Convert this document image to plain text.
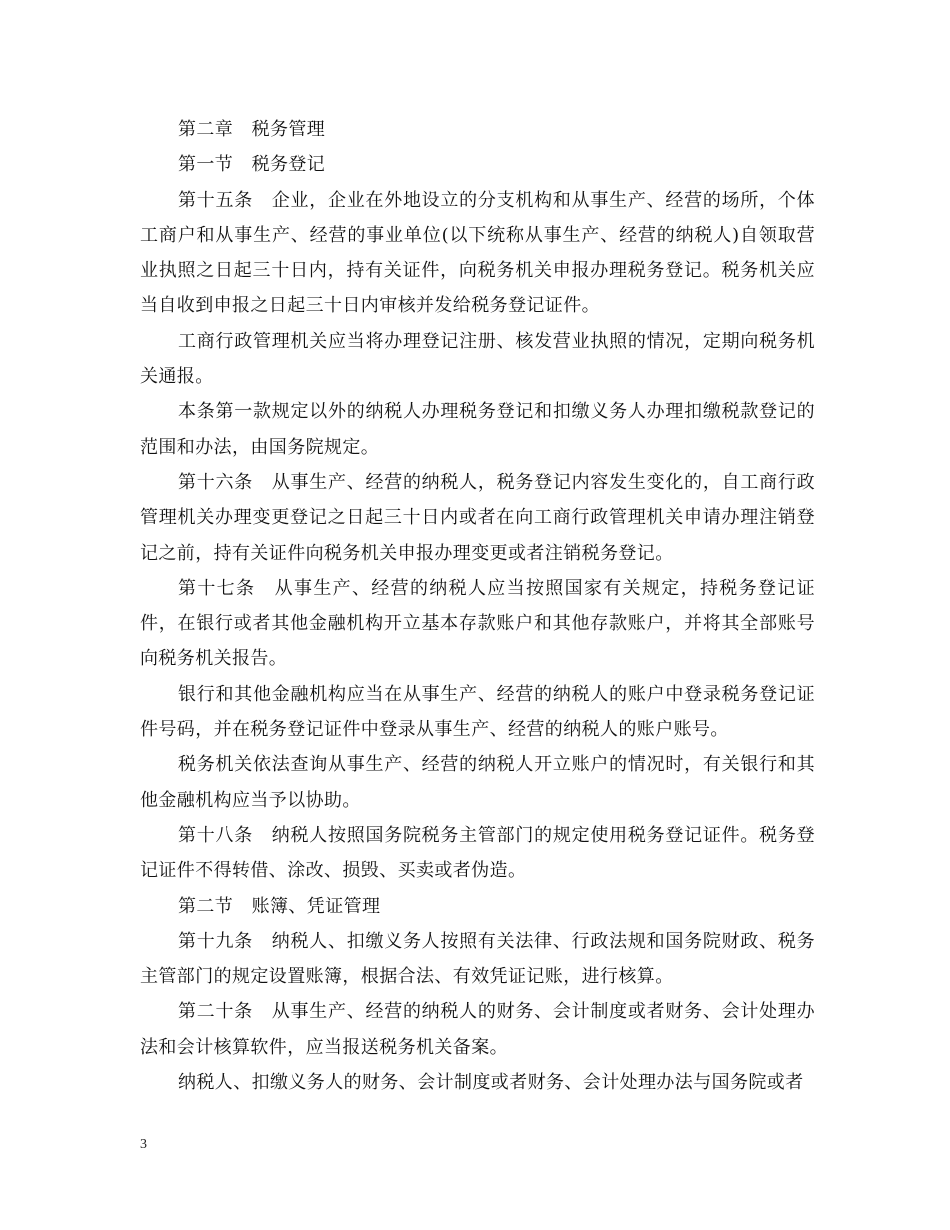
第二章　税务管理

第一节　税务登记

第十五条　企业，企业在外地设立的分支机构和从事生产、经营的场所，个体工商户和从事生产、经营的事业单位(以下统称从事生产、经营的纳税人)自领取营业执照之日起三十日内，持有关证件，向税务机关申报办理税务登记。税务机关应当自收到申报之日起三十日内审核并发给税务登记证件。

工商行政管理机关应当将办理登记注册、核发营业执照的情况，定期向税务机关通报。

本条第一款规定以外的纳税人办理税务登记和扣缴义务人办理扣缴税款登记的范围和办法，由国务院规定。

第十六条　从事生产、经营的纳税人，税务登记内容发生变化的，自工商行政管理机关办理变更登记之日起三十日内或者在向工商行政管理机关申请办理注销登记之前，持有关证件向税务机关申报办理变更或者注销税务登记。

第十七条　从事生产、经营的纳税人应当按照国家有关规定，持税务登记证件，在银行或者其他金融机构开立基本存款账户和其他存款账户，并将其全部账号向税务机关报告。

银行和其他金融机构应当在从事生产、经营的纳税人的账户中登录税务登记证件号码，并在税务登记证件中登录从事生产、经营的纳税人的账户账号。

税务机关依法查询从事生产、经营的纳税人开立账户的情况时，有关银行和其他金融机构应当予以协助。

第十八条　纳税人按照国务院税务主管部门的规定使用税务登记证件。税务登记证件不得转借、涂改、损毁、买卖或者伪造。

第二节　账簿、凭证管理

第十九条　纳税人、扣缴义务人按照有关法律、行政法规和国务院财政、税务主管部门的规定设置账簿，根据合法、有效凭证记账，进行核算。

第二十条　从事生产、经营的纳税人的财务、会计制度或者财务、会计处理办法和会计核算软件，应当报送税务机关备案。

纳税人、扣缴义务人的财务、会计制度或者财务、会计处理办法与国务院或者

3
